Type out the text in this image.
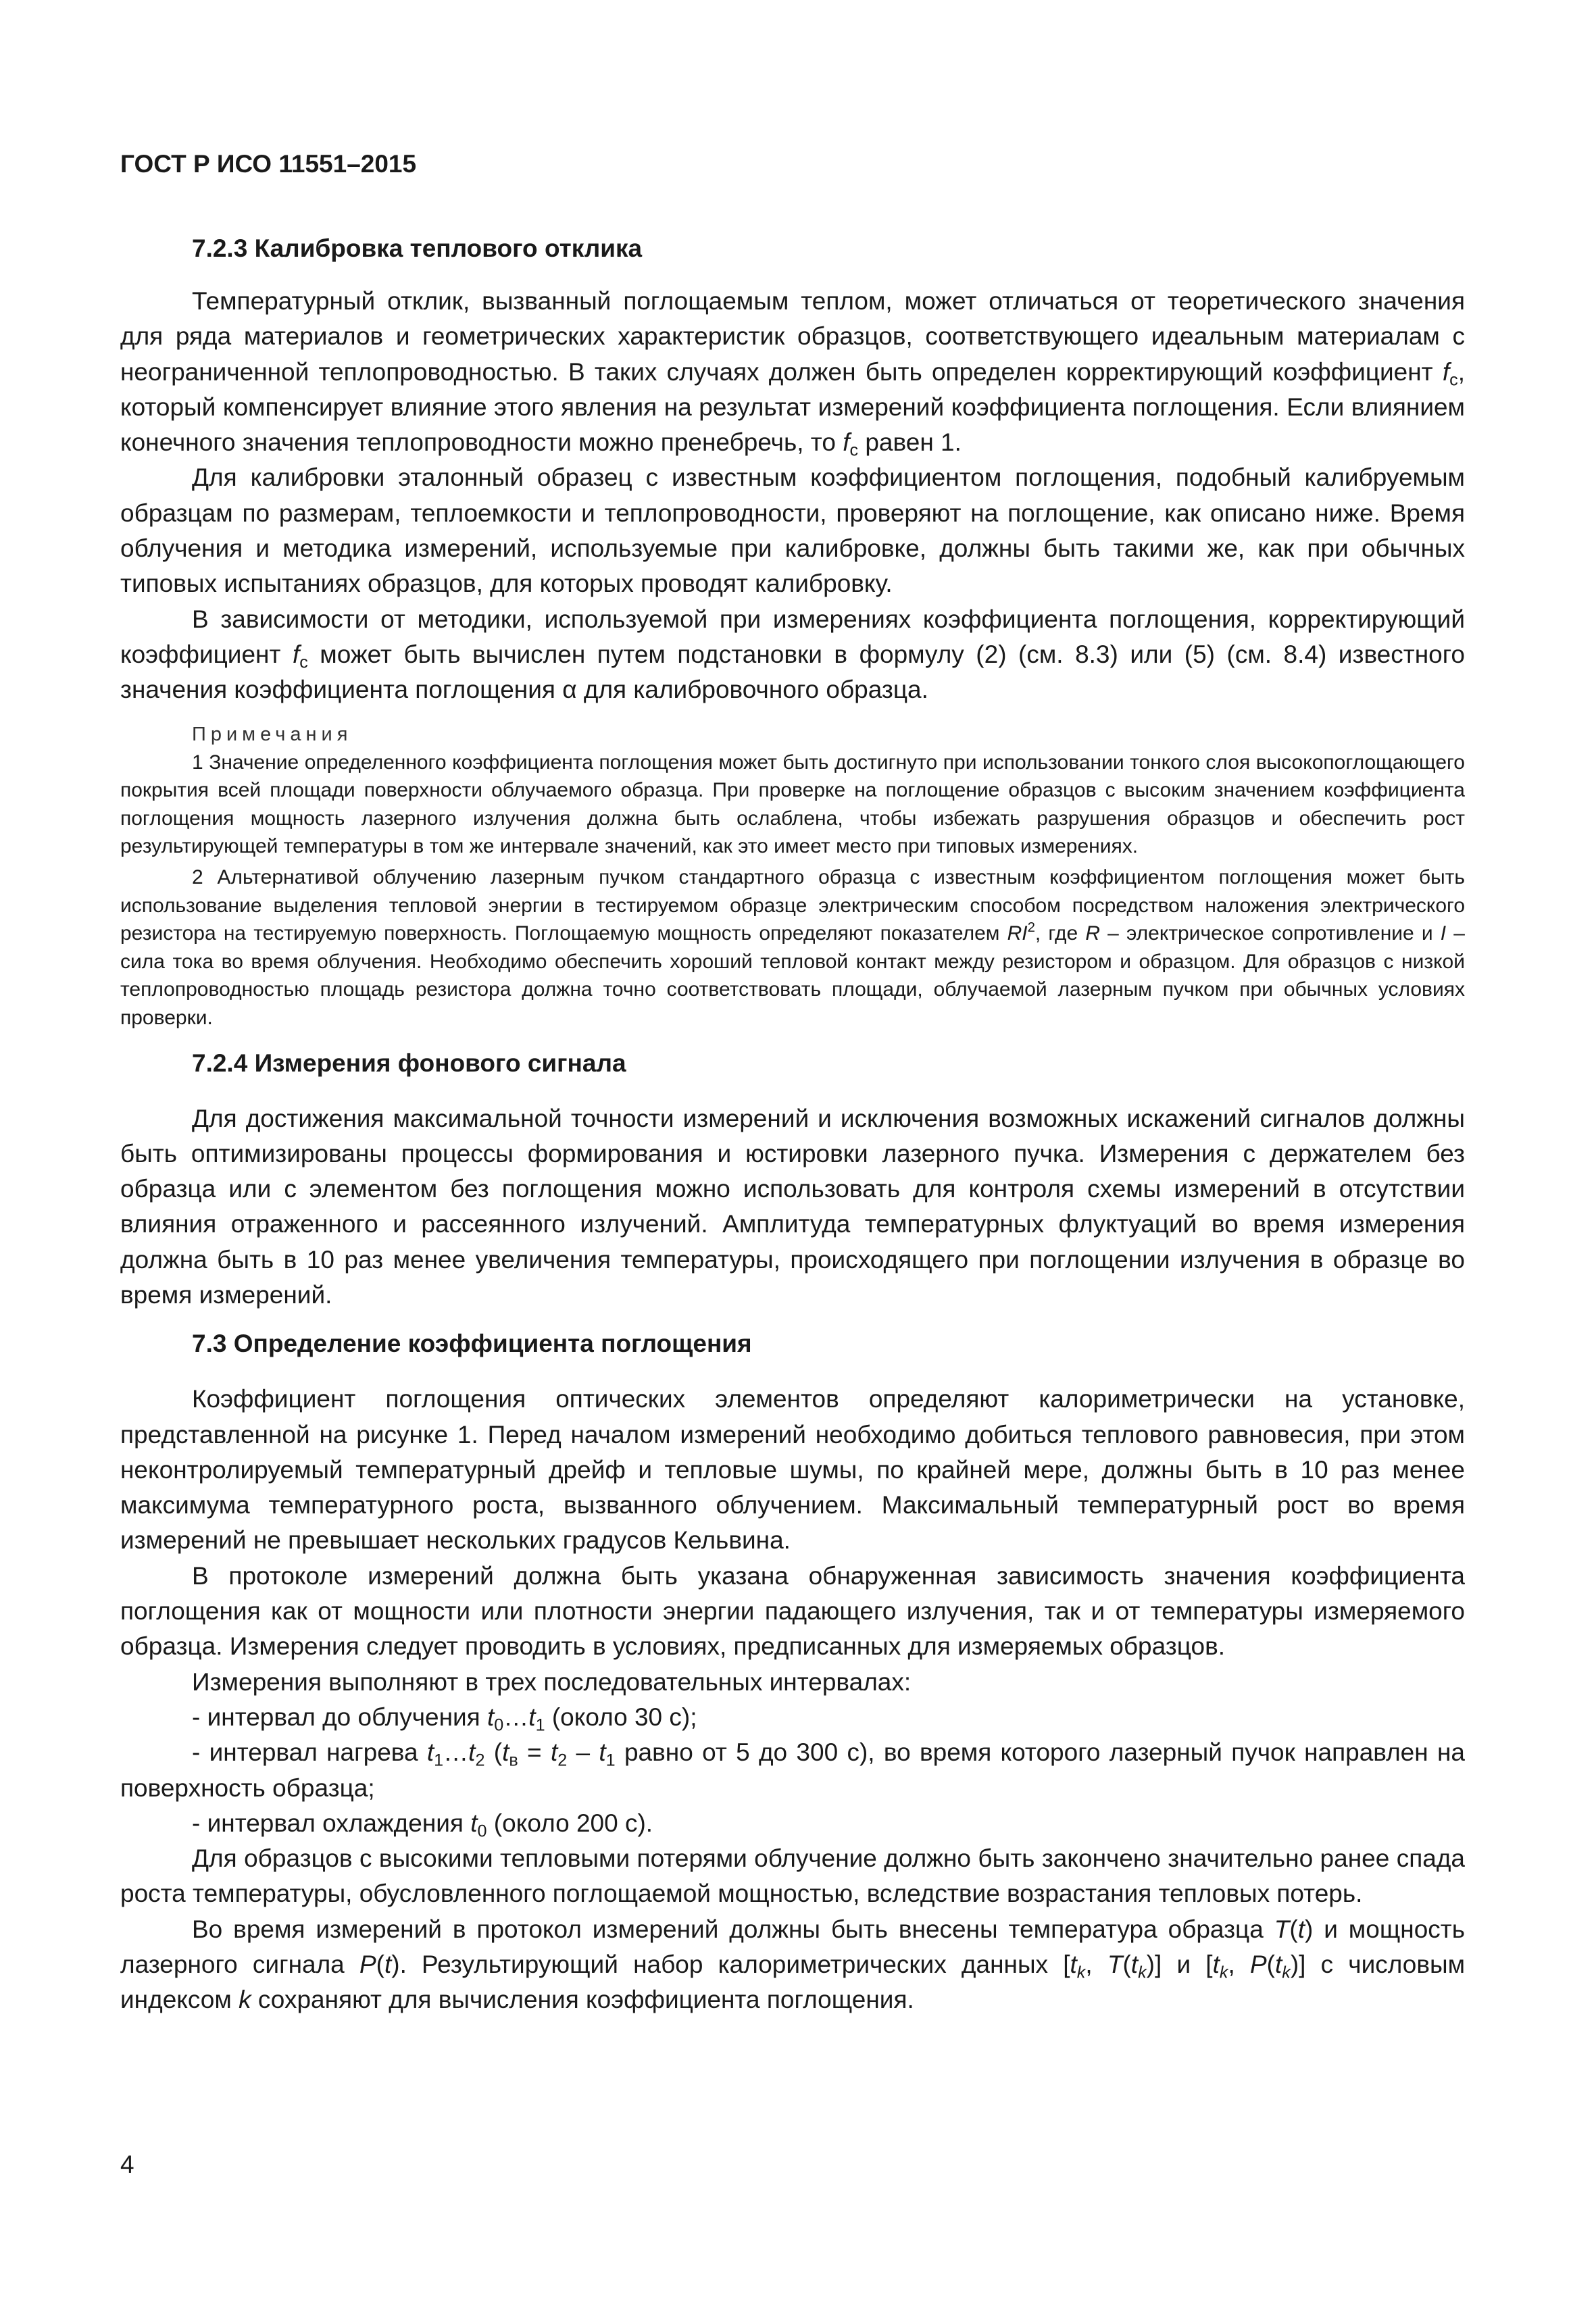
ГОСТ Р ИСО 11551–2015

7.2.3 Калибровка теплового отклика

Температурный отклик, вызванный поглощаемым теплом, может отличаться от теоретического значения для ряда материалов и геометрических характеристик образцов, соответствующего идеальным материалам с неограниченной теплопроводностью. В таких случаях должен быть определен корректирующий коэффициент $f_c$, который компенсирует влияние этого явления на результат измерений коэффициента поглощения. Если влиянием конечного значения теплопроводности можно пренебречь, то $f_c$ равен 1.

Для калибровки эталонный образец с известным коэффициентом поглощения, подобный калибруемым образцам по размерам, теплоемкости и теплопроводности, проверяют на поглощение, как описано ниже. Время облучения и методика измерений, используемые при калибровке, должны быть такими же, как при обычных типовых испытаниях образцов, для которых проводят калибровку.

В зависимости от методики, используемой при измерениях коэффициента поглощения, корректирующий коэффициент $f_c$ может быть вычислен путем подстановки в формулу (2) (см. 8.3) или (5) (см. 8.4) известного значения коэффициента поглощения α для калибровочного образца.

Примечания

1 Значение определенного коэффициента поглощения может быть достигнуто при использовании тонкого слоя высокопоглощающего покрытия всей площади поверхности облучаемого образца. При проверке на поглощение образцов с высоким значением коэффициента поглощения мощность лазерного излучения должна быть ослаблена, чтобы избежать разрушения образцов и обеспечить рост результирующей температуры в том же интервале значений, как это имеет место при типовых измерениях.

2 Альтернативой облучению лазерным пучком стандартного образца с известным коэффициентом поглощения может быть использование выделения тепловой энергии в тестируемом образце электрическим способом посредством наложения электрического резистора на тестируемую поверхность. Поглощаемую мощность определяют показателем $RI^2$, где R – электрическое сопротивление и I – сила тока во время облучения. Необходимо обеспечить хороший тепловой контакт между резистором и образцом. Для образцов с низкой теплопроводностью площадь резистора должна точно соответствовать площади, облучаемой лазерным пучком при обычных условиях проверки.

7.2.4 Измерения фонового сигнала

Для достижения максимальной точности измерений и исключения возможных искажений сигналов должны быть оптимизированы процессы формирования и юстировки лазерного пучка. Измерения с держателем без образца или с элементом без поглощения можно использовать для контроля схемы измерений в отсутствии влияния отраженного и рассеянного излучений. Амплитуда температурных флуктуаций во время измерения должна быть в 10 раз менее увеличения температуры, происходящего при поглощении излучения в образце во время измерений.

7.3 Определение коэффициента поглощения

Коэффициент поглощения оптических элементов определяют калориметрически на установке, представленной на рисунке 1. Перед началом измерений необходимо добиться теплового равновесия, при этом неконтролируемый температурный дрейф и тепловые шумы, по крайней мере, должны быть в 10 раз менее максимума температурного роста, вызванного облучением. Максимальный температурный рост во время измерений не превышает нескольких градусов Кельвина.

В протоколе измерений должна быть указана обнаруженная зависимость значения коэффициента поглощения как от мощности или плотности энергии падающего излучения, так и от температуры измеряемого образца. Измерения следует проводить в условиях, предписанных для измеряемых образцов.

Измерения выполняют в трех последовательных интервалах:

- интервал до облучения $t_0\dots t_1$ (около 30 с);

- интервал нагрева $t_1\dots t_2$ ($t_в = t_2 - t_1$ равно от 5 до 300 с), во время которого лазерный пучок направлен на поверхность образца;

- интервал охлаждения $t_0$ (около 200 с).

Для образцов с высокими тепловыми потерями облучение должно быть закончено значительно ранее спада роста температуры, обусловленного поглощаемой мощностью, вследствие возрастания тепловых потерь.

Во время измерений в протокол измерений должны быть внесены температура образца T(t) и мощность лазерного сигнала P(t). Результирующий набор калориметрических данных [$t_k$, $T(t_k)$] и [$t_k$, $P(t_k)$] с числовым индексом k сохраняют для вычисления коэффициента поглощения.

4
